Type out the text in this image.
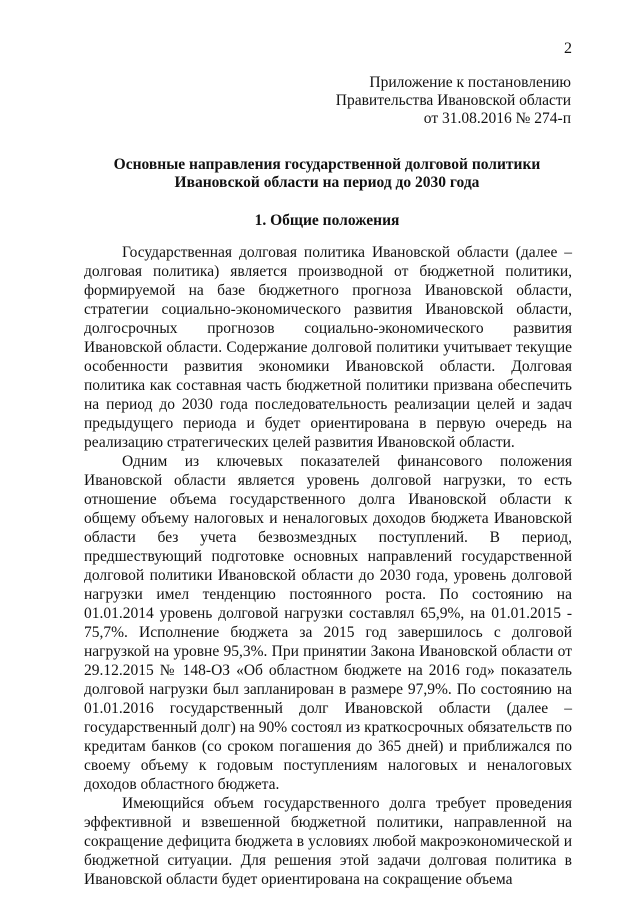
2
Приложение к постановлению
Правительства Ивановской области
от 31.08.2016 № 274-п
Основные направления государственной долговой политики
Ивановской области на период до 2030 года
1. Общие положения

Государственная долговая политика Ивановской области (далее – долговая политика) является производной от бюджетной политики, формируемой на базе бюджетного прогноза Ивановской области, стратегии социально-экономического развития Ивановской области, долгосрочных прогнозов социально-экономического развития Ивановской области. Содержание долговой политики учитывает текущие особенности развития экономики Ивановской области. Долговая политика как составная часть бюджетной политики призвана обеспечить на период до 2030 года последовательность реализации целей и задач предыдущего периода и будет ориентирована в первую очередь на реализацию стратегических целей развития Ивановской области.

Одним из ключевых показателей финансового положения Ивановской области является уровень долговой нагрузки, то есть отношение объема государственного долга Ивановской области к общему объему налоговых и неналоговых доходов бюджета Ивановской области без учета безвозмездных поступлений. В период, предшествующий подготовке основных направлений государственной долговой политики Ивановской области до 2030 года, уровень долговой нагрузки имел тенденцию постоянного роста. По состоянию на 01.01.2014 уровень долговой нагрузки составлял 65,9%, на 01.01.2015 - 75,7%. Исполнение бюджета за 2015 год завершилось с долговой нагрузкой на уровне 95,3%. При принятии Закона Ивановской области от 29.12.2015 № 148-ОЗ «Об областном бюджете на 2016 год» показатель долговой нагрузки был запланирован в размере 97,9%. По состоянию на 01.01.2016 государственный долг Ивановской области (далее – государственный долг) на 90% состоял из краткосрочных обязательств по кредитам банков (со сроком погашения до 365 дней) и приближался по своему объему к годовым поступлениям налоговых и неналоговых доходов областного бюджета.

Имеющийся объем государственного долга требует проведения эффективной и взвешенной бюджетной политики, направленной на сокращение дефицита бюджета в условиях любой макроэкономической и бюджетной ситуации. Для решения этой задачи долговая политика в Ивановской области будет ориентирована на сокращение объема
